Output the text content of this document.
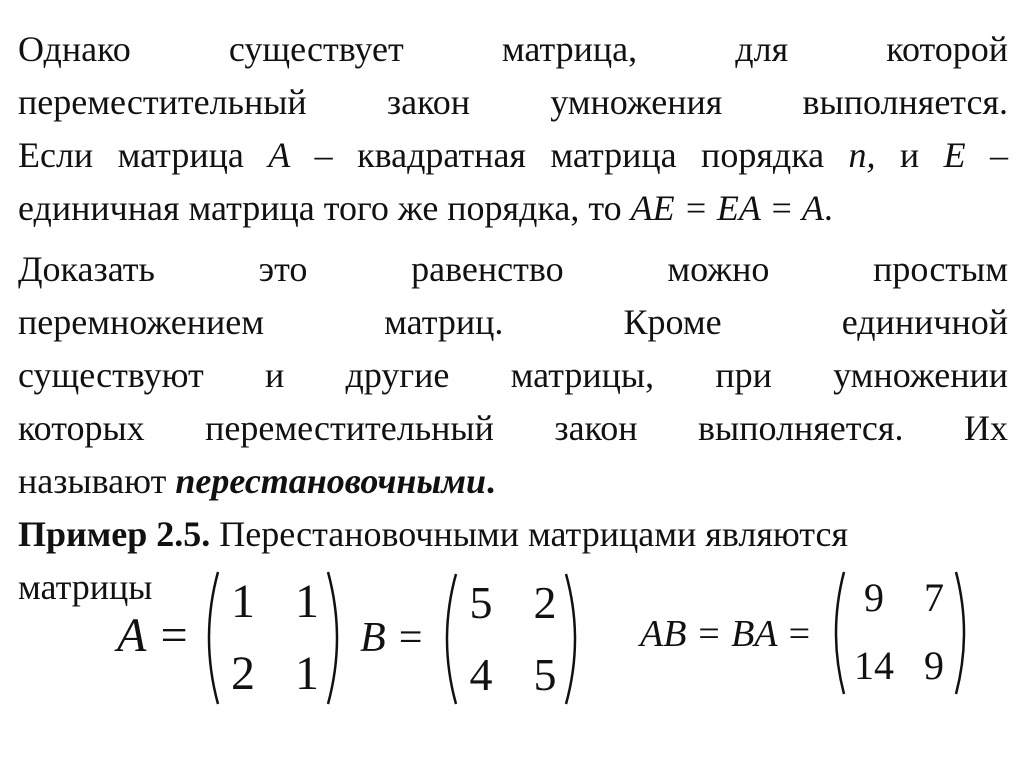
Однако существует матрица, для которой
переместительный закон умножения выполняется.
Если матрица A – квадратная матрица порядка n, и E –
единичная матрица того же порядка, то AE = EA = A.
Доказать это равенство можно простым
перемножением матриц. Кроме единичной
существуют и другие матрицы, при умножении
которых переместительный закон выполняется. Их
называют перестановочными.
Пример 2.5. Перестановочными матрицами являются
матрицы
A =
1 1
2 1
B =
5 2
4 5
AB = BA =
9	7
14 9
